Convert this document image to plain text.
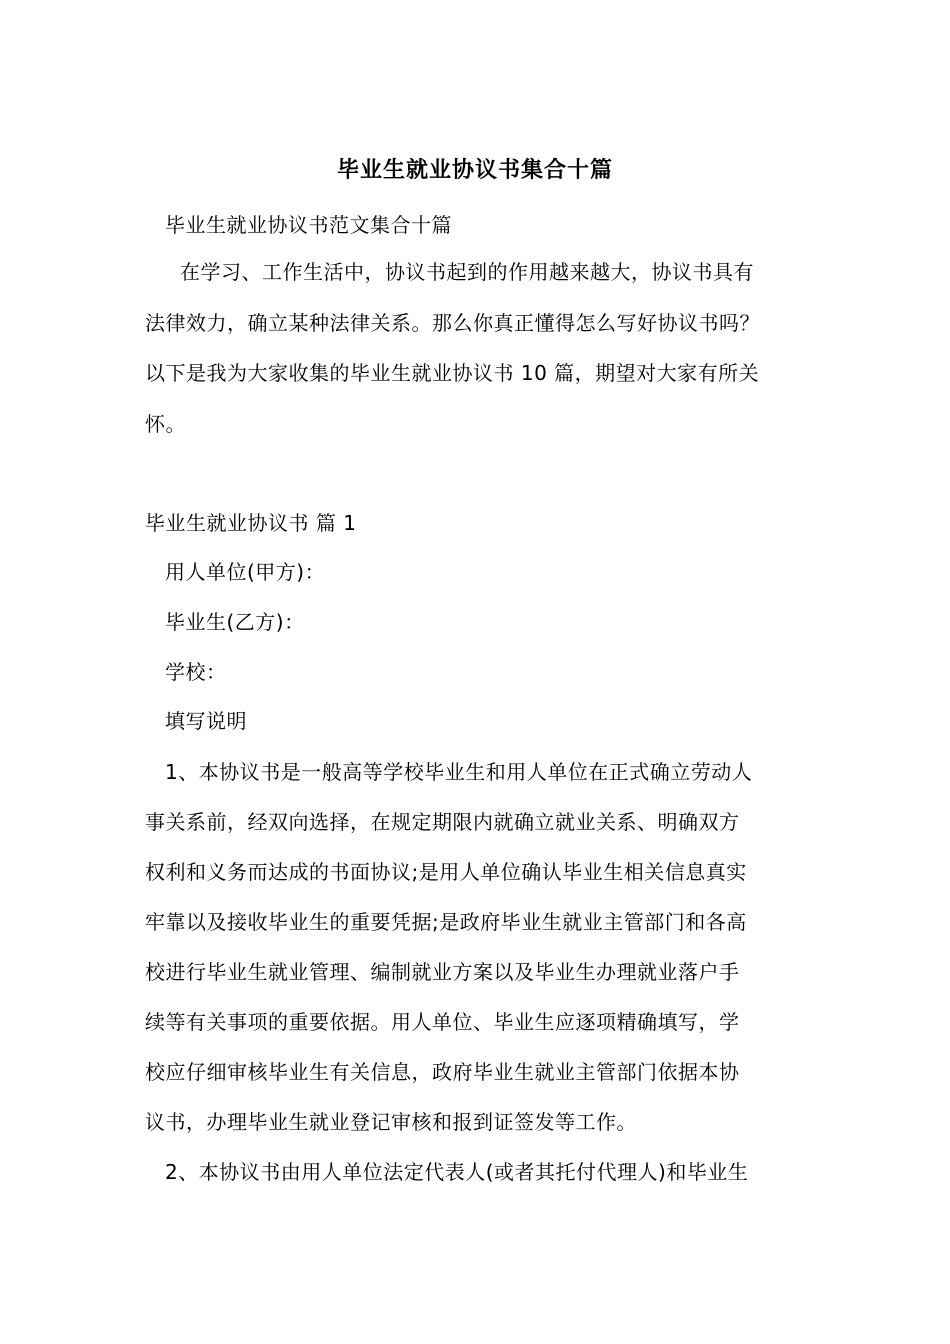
毕业生就业协议书集合十篇
毕业生就业协议书范文集合十篇
在学习、工作生活中，协议书起到的作用越来越大，协议书具有
法律效力，确立某种法律关系。那么你真正懂得怎么写好协议书吗？
以下是我为大家收集的毕业生就业协议书 10 篇，期望对大家有所关
怀。
毕业生就业协议书 篇 1
用人单位(甲方)：
毕业生(乙方)：
学校：
填写说明
1、本协议书是一般高等学校毕业生和用人单位在正式确立劳动人
事关系前，经双向选择，在规定期限内就确立就业关系、明确双方
权利和义务而达成的书面协议;是用人单位确认毕业生相关信息真实
牢靠以及接收毕业生的重要凭据;是政府毕业生就业主管部门和各高
校进行毕业生就业管理、编制就业方案以及毕业生办理就业落户手
续等有关事项的重要依据。用人单位、毕业生应逐项精确填写，学
校应仔细审核毕业生有关信息，政府毕业生就业主管部门依据本协
议书，办理毕业生就业登记审核和报到证签发等工作。
2、本协议书由用人单位法定代表人(或者其托付代理人)和毕业生
